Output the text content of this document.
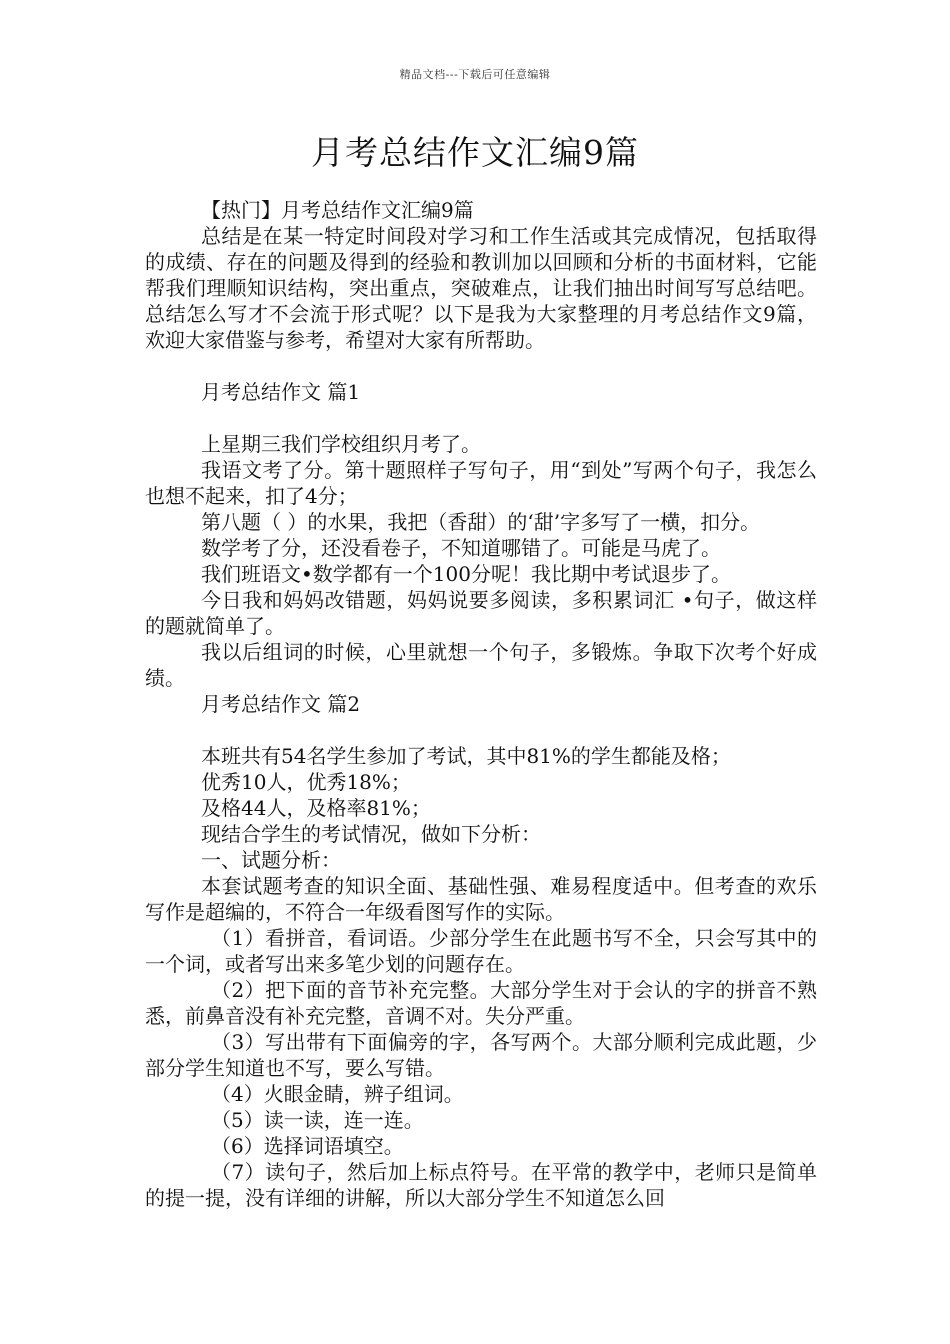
精品文档---下载后可任意编辑
月考总结作文汇编9篇

【热门】月考总结作文汇编9篇

总结是在某一特定时间段对学习和工作生活或其完成情况，包括取得的成绩、存在的问题及得到的经验和教训加以回顾和分析的书面材料，它能帮我们理顺知识结构，突出重点，突破难点，让我们抽出时间写写总结吧。总结怎么写才不会流于形式呢？以下是我为大家整理的月考总结作文9篇，欢迎大家借鉴与参考，希望对大家有所帮助。

月考总结作文 篇1

上星期三我们学校组织月考了。

我语文考了分。第十题照样子写句子，用“到处”写两个句子，我怎么也想不起来，扣了4分；

第八题（ ）的水果，我把（香甜）的‘甜’字多写了一横，扣分。

数学考了分，还没看卷子，不知道哪错了。可能是马虎了。

我们班语文•数学都有一个100分呢！我比期中考试退步了。

今日我和妈妈改错题，妈妈说要多阅读，多积累词汇 •句子，做这样的题就简单了。

我以后组词的时候，心里就想一个句子，多锻炼。争取下次考个好成绩。

月考总结作文 篇2

本班共有54名学生参加了考试，其中81%的学生都能及格；

优秀10人，优秀18%；

及格44人，及格率81%；

现结合学生的考试情况，做如下分析：

一、试题分析：

本套试题考查的知识全面、基础性强、难易程度适中。但考查的欢乐写作是超编的，不符合一年级看图写作的实际。

（1）看拼音，看词语。少部分学生在此题书写不全，只会写其中的一个词，或者写出来多笔少划的问题存在。

（2）把下面的音节补充完整。大部分学生对于会认的字的拼音不熟悉，前鼻音没有补充完整，音调不对。失分严重。

（3）写出带有下面偏旁的字，各写两个。大部分顺利完成此题，少部分学生知道也不写，要么写错。

（4）火眼金睛，辨子组词。

（5）读一读，连一连。

（6）选择词语填空。

（7）读句子，然后加上标点符号。在平常的教学中，老师只是简单的提一提，没有详细的讲解，所以大部分学生不知道怎么回
